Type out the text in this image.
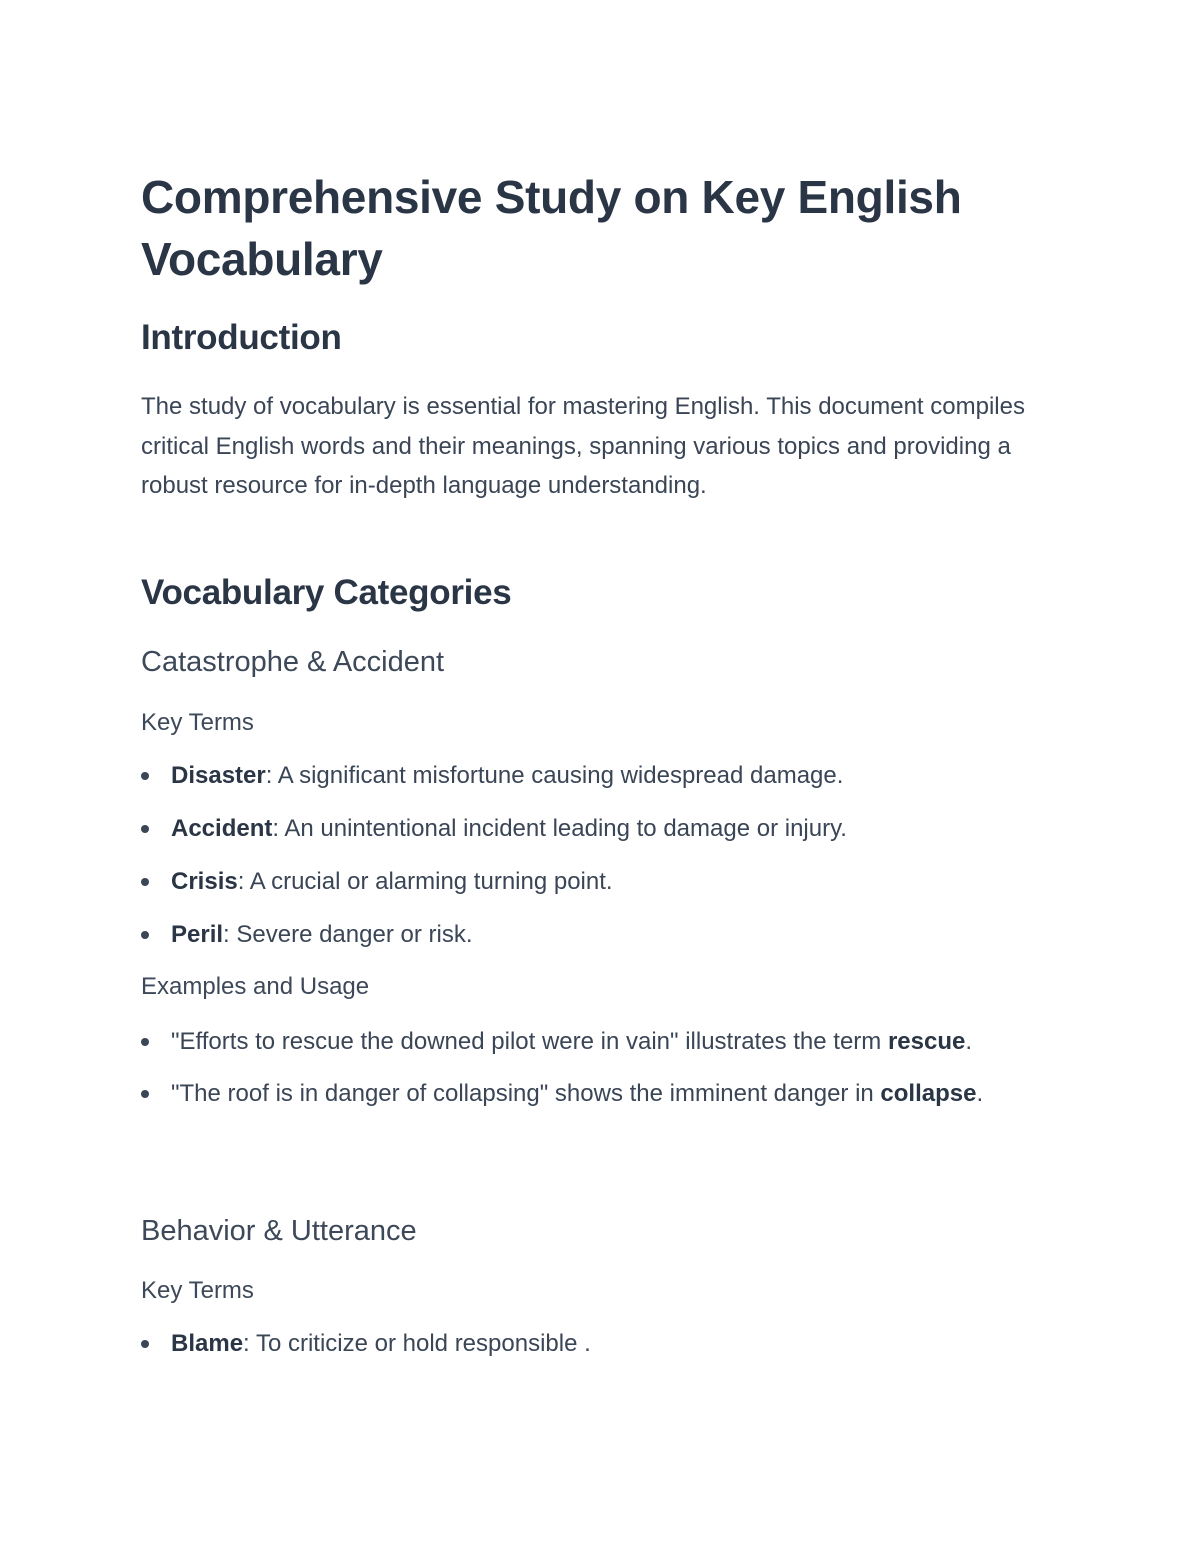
Comprehensive Study on Key English Vocabulary
Introduction

The study of vocabulary is essential for mastering English. This document compiles critical English words and their meanings, spanning various topics and providing a robust resource for in-depth language understanding.

Vocabulary Categories
Catastrophe & Accident
Key Terms
Disaster: A significant misfortune causing widespread damage.
Accident: An unintentional incident leading to damage or injury.
Crisis: A crucial or alarming turning point.
Peril: Severe danger or risk.
Examples and Usage
"Efforts to rescue the downed pilot were in vain" illustrates the term rescue.
"The roof is in danger of collapsing" shows the imminent danger in collapse.
Behavior & Utterance
Key Terms
Blame: To criticize or hold responsible .
